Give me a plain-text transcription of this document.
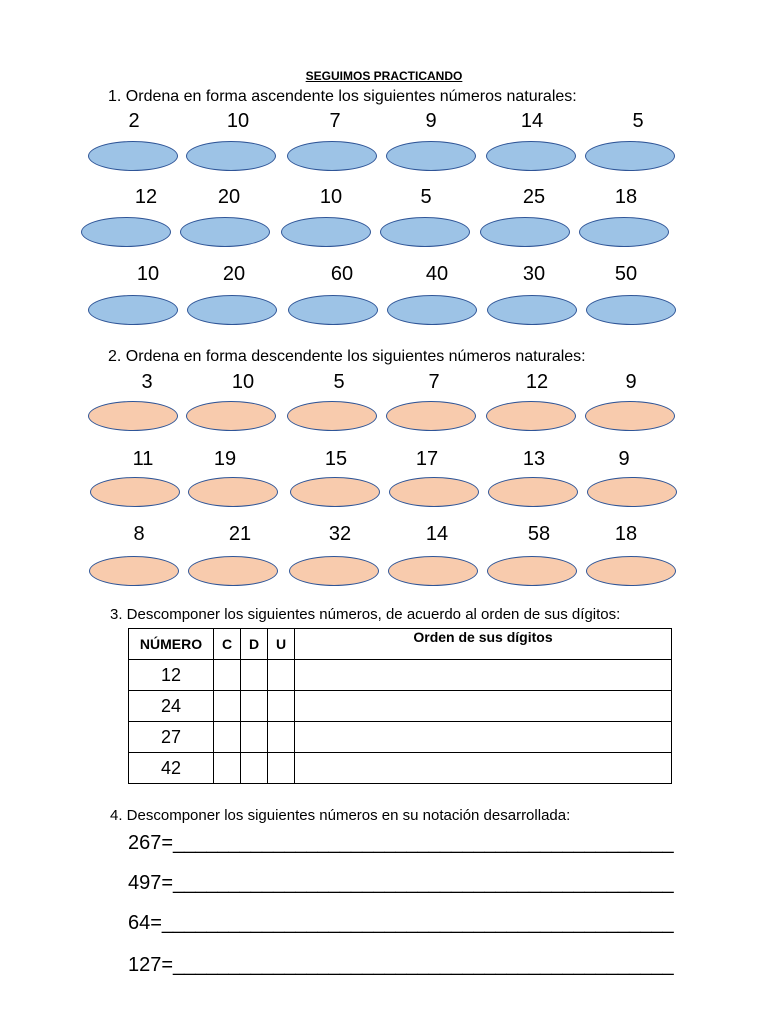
SEGUIMOS PRACTICANDO
1. Ordena en forma ascendente los siguientes números naturales:
2	10	7	9	14	5
12	20	10	5	25	18
10	20	60	40	30	50
2. Ordena en forma descendente los siguientes números naturales:
3	10	5	7	12	9
11	19	15	17	13	9
8	21	32	14	58	18
3. Descomponer los siguientes números, de acuerdo al orden de sus dígitos:
NÚMERO	C	D	U	Orden de sus dígitos
12				
24				
27				
42				
4. Descomponer los siguientes números en su notación desarrollada:
267=_____________________________________________
497=_____________________________________________
64=______________________________________________
127=_____________________________________________
